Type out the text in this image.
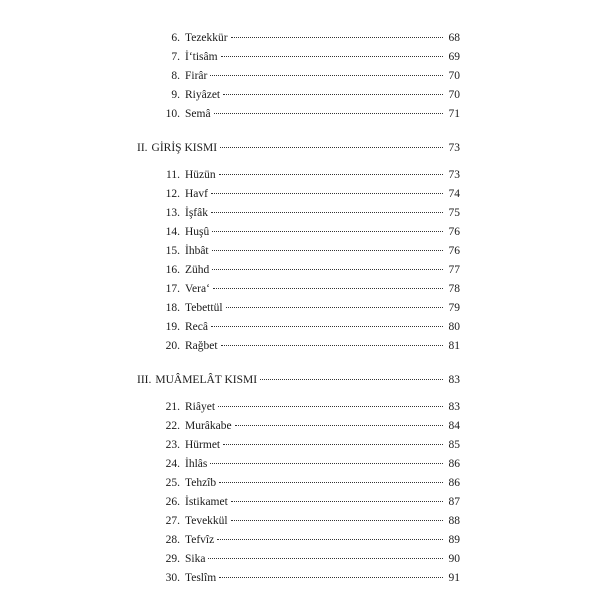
6. Tezekkür	68
7. İ‘tisâm	69
8. Firâr	70
9. Riyâzet	70
10. Semâ	71
II. GİRİŞ KISMI	73
11. Hüzün	73
12. Havf	74
13. İşfâk	75
14. Huşû	76
15. İhbât	76
16. Zühd	77
17. Vera‘	78
18. Tebettül	79
19. Recâ	80
20. Rağbet	81
III. MUÂMELÂT KISMI	83
21. Riâyet	83
22. Murâkabe	84
23. Hürmet	85
24. İhlâs	86
25. Tehzîb	86
26. İstikamet	87
27. Tevekkül	88
28. Tefvîz	89
29. Sika	90
30. Teslîm	91
